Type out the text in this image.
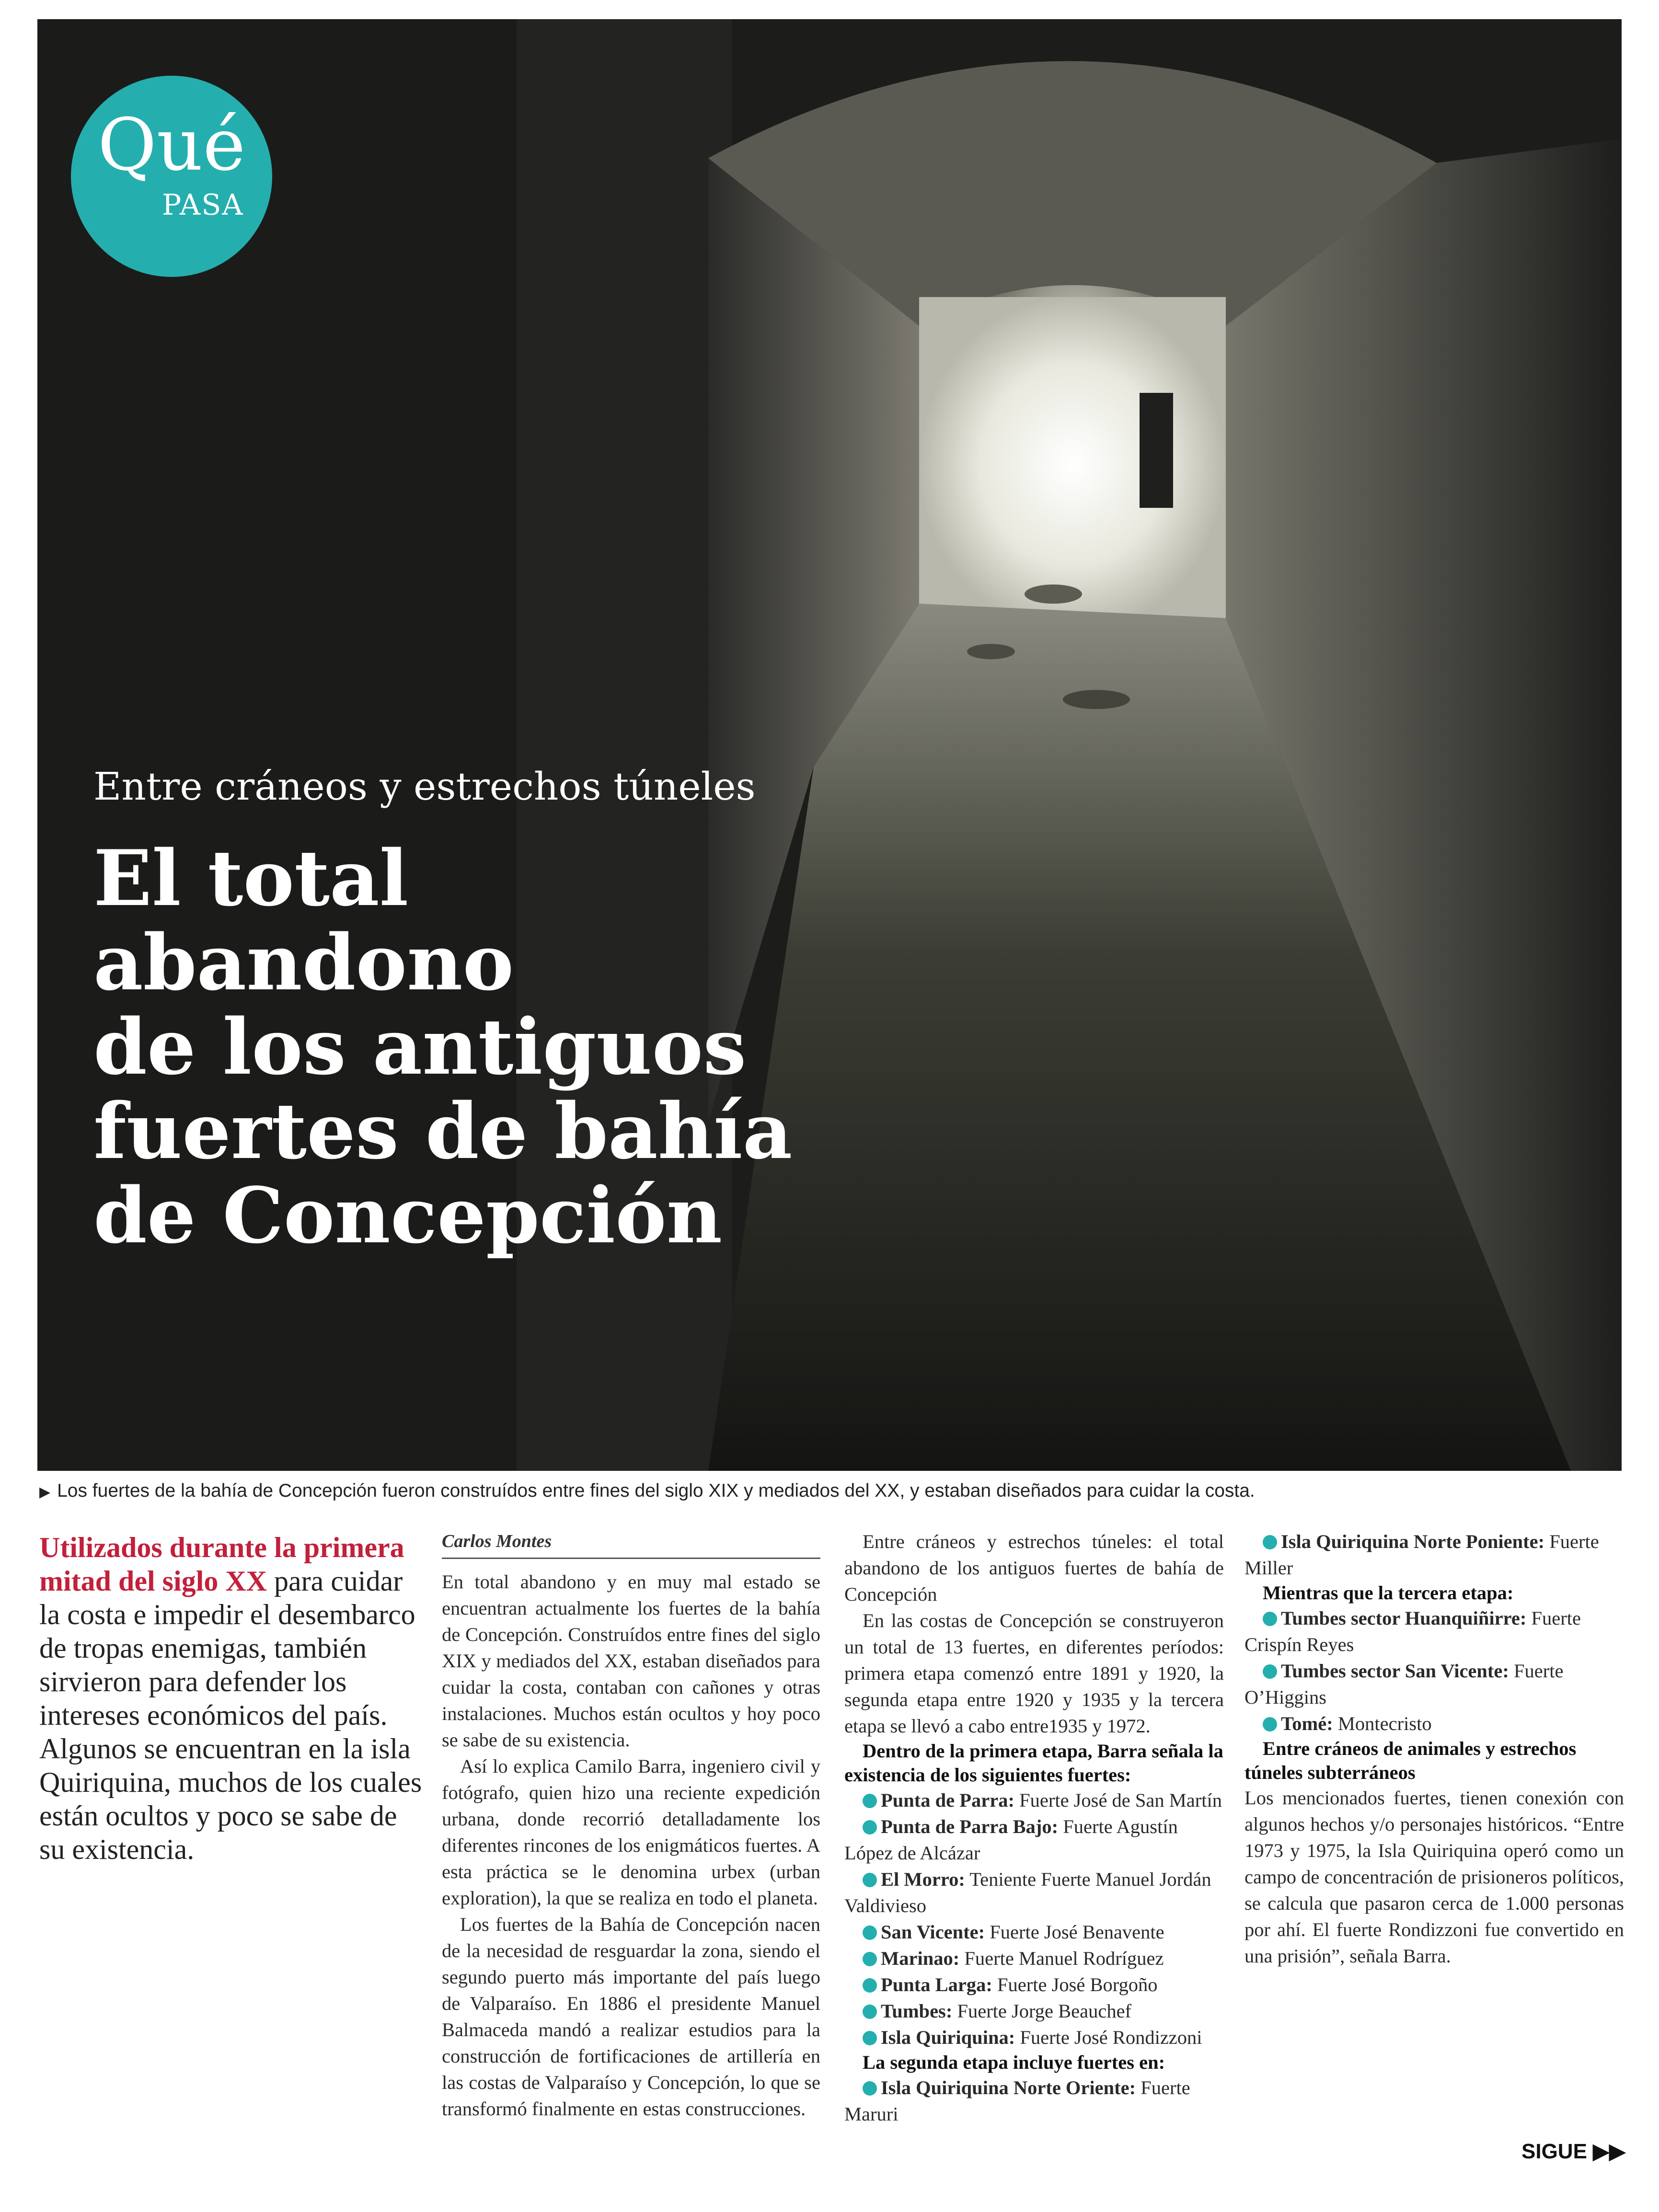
Qué
PASA
Entre cráneos y estrechos túneles
El total abandono
de los antiguos
fuertes de bahía
de Concepción
▶ Los fuertes de la bahía de Concepción fueron construídos entre fines del siglo XIX y mediados del XX, y estaban diseñados para cuidar la costa.
Utilizados durante la primera mitad del siglo XX para cuidar la costa e impedir el desembarco de tropas enemigas, también sirvieron para defender los intereses económicos del país. Algunos se encuentran en la isla Quiriquina, muchos de los cuales están ocultos y poco se sabe de su existencia.
Carlos Montes

En total abandono y en muy mal estado se encuentran actualmente los fuertes de la bahía de Concepción. Construídos entre fines del siglo XIX y mediados del XX, estaban diseñados para cuidar la costa, contaban con cañones y otras instalaciones. Muchos están ocultos y hoy poco se sabe de su existencia.

Así lo explica Camilo Barra, ingeniero civil y fotógrafo, quien hizo una reciente expedición urbana, donde recorrió detalladamente los diferentes rincones de los enigmáticos fuertes. A esta práctica se le denomina urbex (urban exploration), la que se realiza en todo el planeta.

Los fuertes de la Bahía de Concepción nacen de la necesidad de resguardar la zona, siendo el segundo puerto más importante del país luego de Valparaíso. En 1886 el presidente Manuel Balmaceda mandó a realizar estudios para la construcción de fortificaciones de artillería en las costas de Valparaíso y Concepción, lo que se transformó finalmente en estas construcciones.

Entre cráneos y estrechos túneles: el total abandono de los antiguos fuertes de bahía de Concepción

En las costas de Concepción se construyeron un total de 13 fuertes, en diferentes períodos: primera etapa comenzó entre 1891 y 1920, la segunda etapa entre 1920 y 1935 y la tercera etapa se llevó a cabo entre1935 y 1972.

Dentro de la primera etapa, Barra señala la existencia de los siguientes fuertes:

Punta de Parra: Fuerte José de San Martín

Punta de Parra Bajo: Fuerte Agustín López de Alcázar

El Morro: Teniente Fuerte Manuel Jordán Valdivieso

San Vicente: Fuerte José Benavente

Marinao: Fuerte Manuel Rodríguez

Punta Larga: Fuerte José Borgoño

Tumbes: Fuerte Jorge Beauchef

Isla Quiriquina: Fuerte José Rondizzoni

La segunda etapa incluye fuertes en:

Isla Quiriquina Norte Oriente: Fuerte Maruri

Isla Quiriquina Norte Poniente: Fuerte Miller

Mientras que la tercera etapa:

Tumbes sector Huanquiñirre: Fuerte Crispín Reyes

Tumbes sector San Vicente: Fuerte O’Higgins

Tomé: Montecristo

Entre cráneos de animales y estrechos túneles subterráneos

Los mencionados fuertes, tienen conexión con algunos hechos y/o personajes históricos. “Entre 1973 y 1975, la Isla Quiriquina operó como un campo de concentración de prisioneros políticos, se calcula que pasaron cerca de 1.000 personas por ahí. El fuerte Rondizzoni fue convertido en una prisión”, señala Barra.

SIGUE ▶▶
